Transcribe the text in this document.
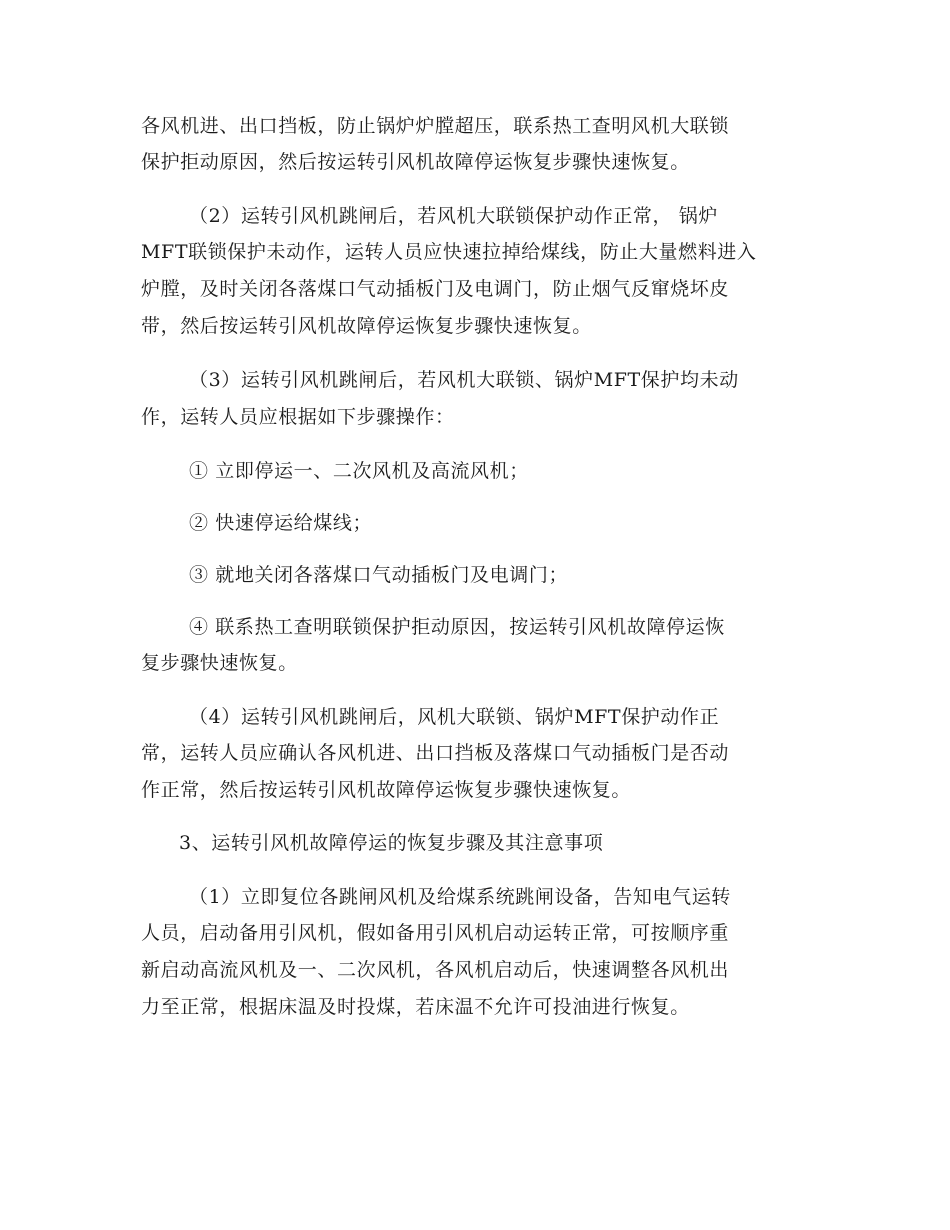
各风机进、出口挡板，防止锅炉炉膛超压，联系热工查明风机大联锁

保护拒动原因，然后按运转引风机故障停运恢复步骤快速恢复。

（2）运转引风机跳闸后，若风机大联锁保护动作正常， 锅炉

MFT联锁保护未动作，运转人员应快速拉掉给煤线，防止大量燃料进入

炉膛，及时关闭各落煤口气动插板门及电调门，防止烟气反窜烧坏皮

带，然后按运转引风机故障停运恢复步骤快速恢复。

（3）运转引风机跳闸后，若风机大联锁、锅炉MFT保护均未动

作，运转人员应根据如下步骤操作：

① 立即停运一、二次风机及高流风机；

② 快速停运给煤线；

③ 就地关闭各落煤口气动插板门及电调门；

④ 联系热工查明联锁保护拒动原因，按运转引风机故障停运恢

复步骤快速恢复。

（4）运转引风机跳闸后，风机大联锁、锅炉MFT保护动作正

常，运转人员应确认各风机进、出口挡板及落煤口气动插板门是否动

作正常，然后按运转引风机故障停运恢复步骤快速恢复。

3、运转引风机故障停运的恢复步骤及其注意事项

（1）立即复位各跳闸风机及给煤系统跳闸设备，告知电气运转

人员，启动备用引风机，假如备用引风机启动运转正常，可按顺序重

新启动高流风机及一、二次风机，各风机启动后，快速调整各风机出

力至正常，根据床温及时投煤，若床温不允许可投油进行恢复。
